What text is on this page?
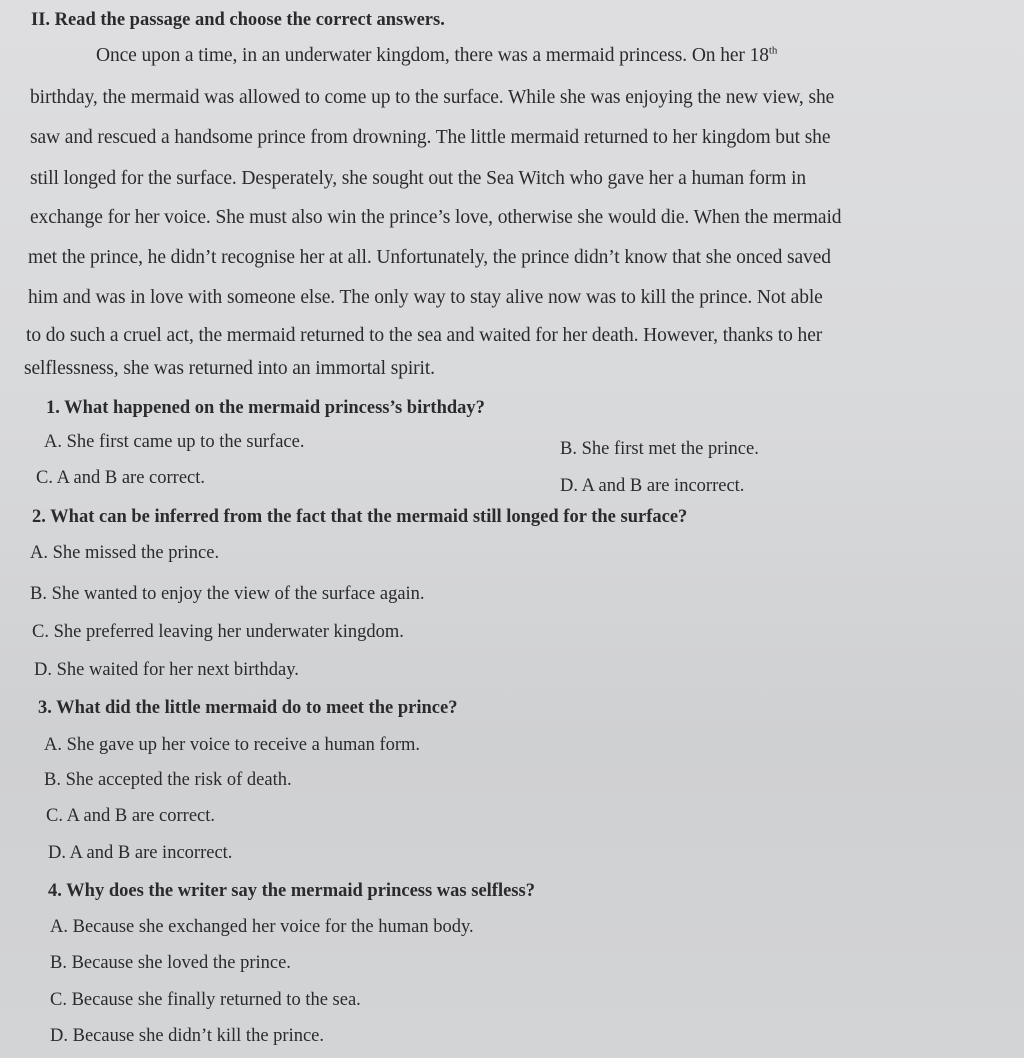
II. Read the passage and choose the correct answers.
Once upon a time, in an underwater kingdom, there was a mermaid princess. On her 18th
birthday, the mermaid was allowed to come up to the surface. While she was enjoying the new view, she
saw and rescued a handsome prince from drowning. The little mermaid returned to her kingdom but she
still longed for the surface. Desperately, she sought out the Sea Witch who gave her a human form in
exchange for her voice. She must also win the prince’s love, otherwise she would die. When the mermaid
met the prince, he didn’t recognise her at all. Unfortunately, the prince didn’t know that she onced saved
him and was in love with someone else. The only way to stay alive now was to kill the prince. Not able
to do such a cruel act, the mermaid returned to the sea and waited for her death. However, thanks to her
selflessness, she was returned into an immortal spirit.
1. What happened on the mermaid princess’s birthday?
A. She first came up to the surface.	B. She first met the prince.
C. A and B are correct.	D. A and B are incorrect.
2. What can be inferred from the fact that the mermaid still longed for the surface?
A. She missed the prince.
B. She wanted to enjoy the view of the surface again.
C. She preferred leaving her underwater kingdom.
D. She waited for her next birthday.
3. What did the little mermaid do to meet the prince?
A. She gave up her voice to receive a human form.
B. She accepted the risk of death.
C. A and B are correct.
D. A and B are incorrect.
4. Why does the writer say the mermaid princess was selfless?
A. Because she exchanged her voice for the human body.
B. Because she loved the prince.
C. Because she finally returned to the sea.
D. Because she didn’t kill the prince.
